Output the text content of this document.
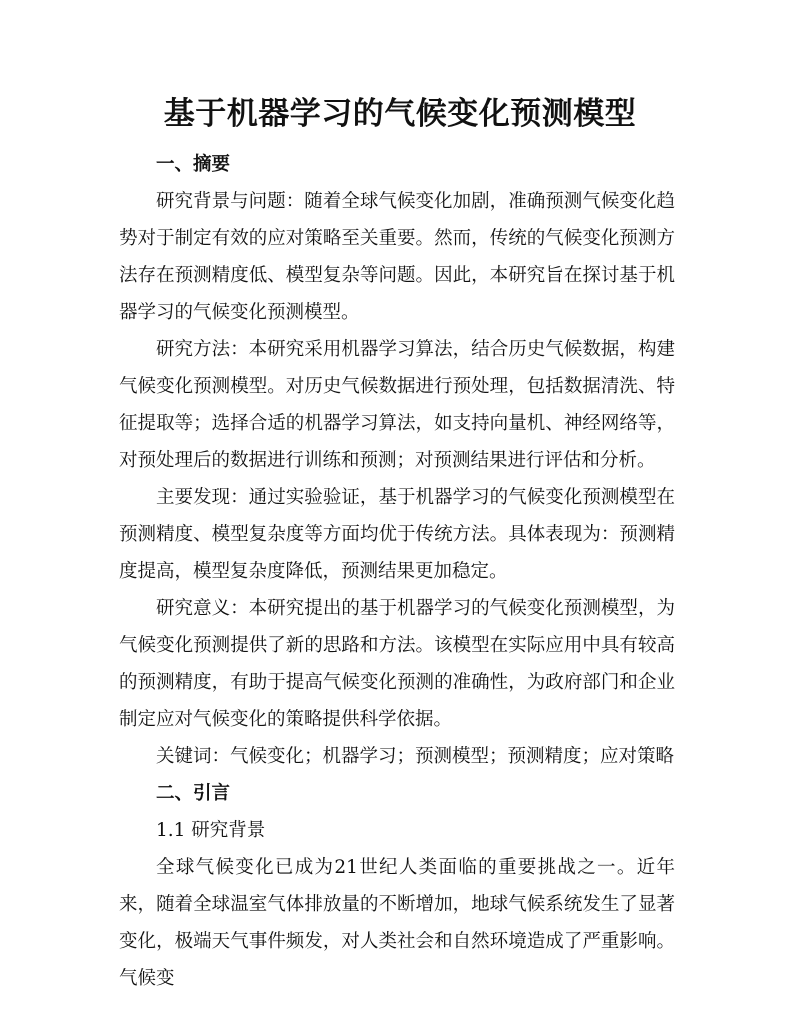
基于机器学习的气候变化预测模型
一、摘要

研究背景与问题：随着全球气候变化加剧，准确预测气候变化趋势对于制定有效的应对策略至关重要。然而，传统的气候变化预测方法存在预测精度低、模型复杂等问题。因此，本研究旨在探讨基于机器学习的气候变化预测模型。

研究方法：本研究采用机器学习算法，结合历史气候数据，构建气候变化预测模型。对历史气候数据进行预处理，包括数据清洗、特征提取等；选择合适的机器学习算法，如支持向量机、神经网络等，对预处理后的数据进行训练和预测；对预测结果进行评估和分析。

主要发现：通过实验验证，基于机器学习的气候变化预测模型在预测精度、模型复杂度等方面均优于传统方法。具体表现为：预测精度提高，模型复杂度降低，预测结果更加稳定。

研究意义：本研究提出的基于机器学习的气候变化预测模型，为气候变化预测提供了新的思路和方法。该模型在实际应用中具有较高的预测精度，有助于提高气候变化预测的准确性，为政府部门和企业制定应对气候变化的策略提供科学依据。

关键词：气候变化；机器学习；预测模型；预测精度；应对策略
二、引言
1.1 研究背景

全球气候变化已成为21世纪人类面临的重要挑战之一。近年来，随着全球温室气体排放量的不断增加，地球气候系统发生了显著变化，极端天气事件频发，对人类社会和自然环境造成了严重影响。气候变
